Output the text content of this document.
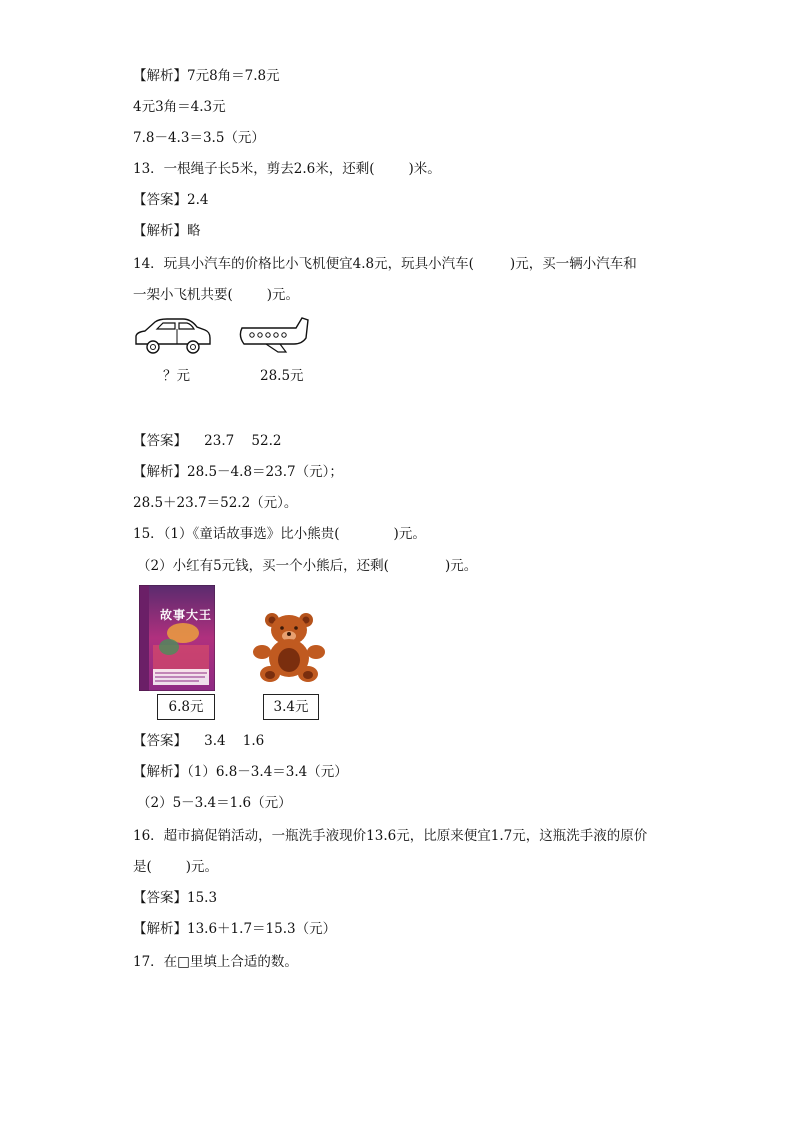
【解析】7元8角＝7.8元
4元3角＝4.3元
7.8－4.3＝3.5（元）
13．一根绳子长5米，剪去2.6米，还剩(	)米。
【答案】2.4
【解析】略
14．玩具小汽车的价格比小飞机便宜4.8元，玩具小汽车(	)元，买一辆小汽车和
一架小飞机共要(	)元。
？元	28.5元
【答案】    23.7    52.2
【解析】28.5－4.8＝23.7（元）；
28.5＋23.7＝52.2（元）。
15．（1）《童话故事选》比小熊贵(	)元。
（2）小红有5元钱，买一个小熊后，还剩(	)元。
故事大王
6.8元	3.4元
【答案】    3.4    1.6
【解析】（1）6.8－3.4＝3.4（元）
（2）5－3.4＝1.6（元）
16．超市搞促销活动，一瓶洗手液现价13.6元，比原来便宜1.7元，这瓶洗手液的原价
是(	)元。
【答案】15.3
【解析】13.6＋1.7＝15.3（元）
17．在□里填上合适的数。
